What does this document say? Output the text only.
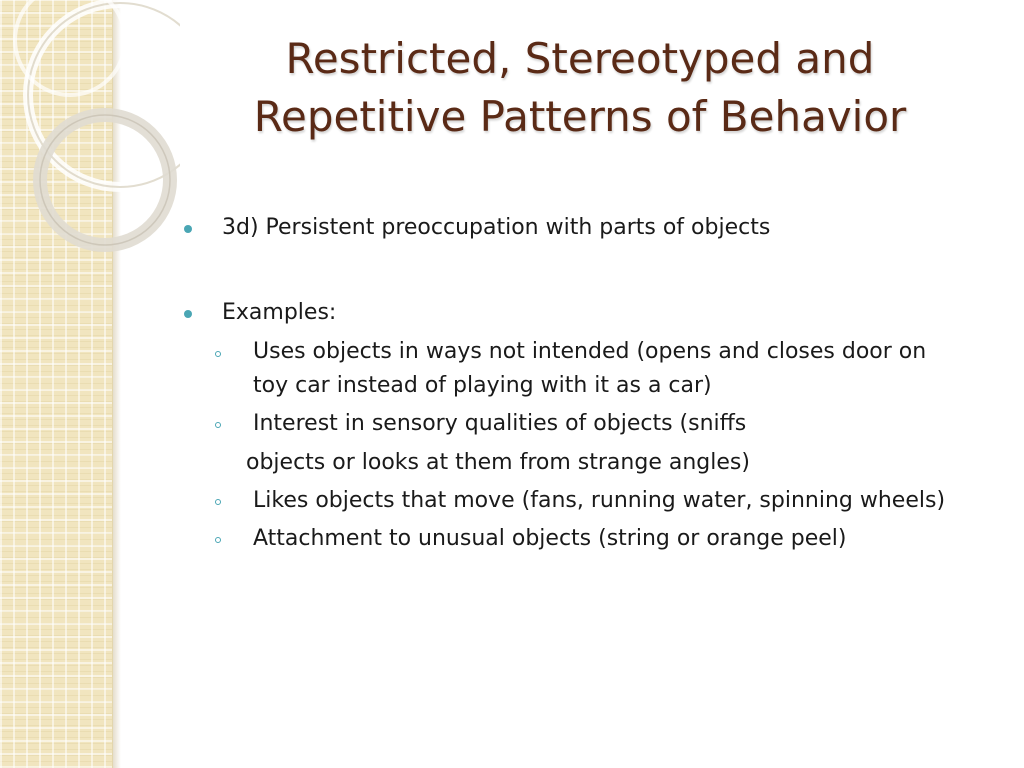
Restricted, Stereotyped and
Repetitive Patterns of Behavior
3d) Persistent preoccupation with parts of objects
Examples:
Uses objects in ways not intended (opens and closes door on
toy car instead of playing with it as a car)
Interest in sensory qualities of objects (sniffs
objects or looks at them from strange angles)
Likes objects that move (fans, running water, spinning wheels)
Attachment to unusual objects (string or orange peel)
